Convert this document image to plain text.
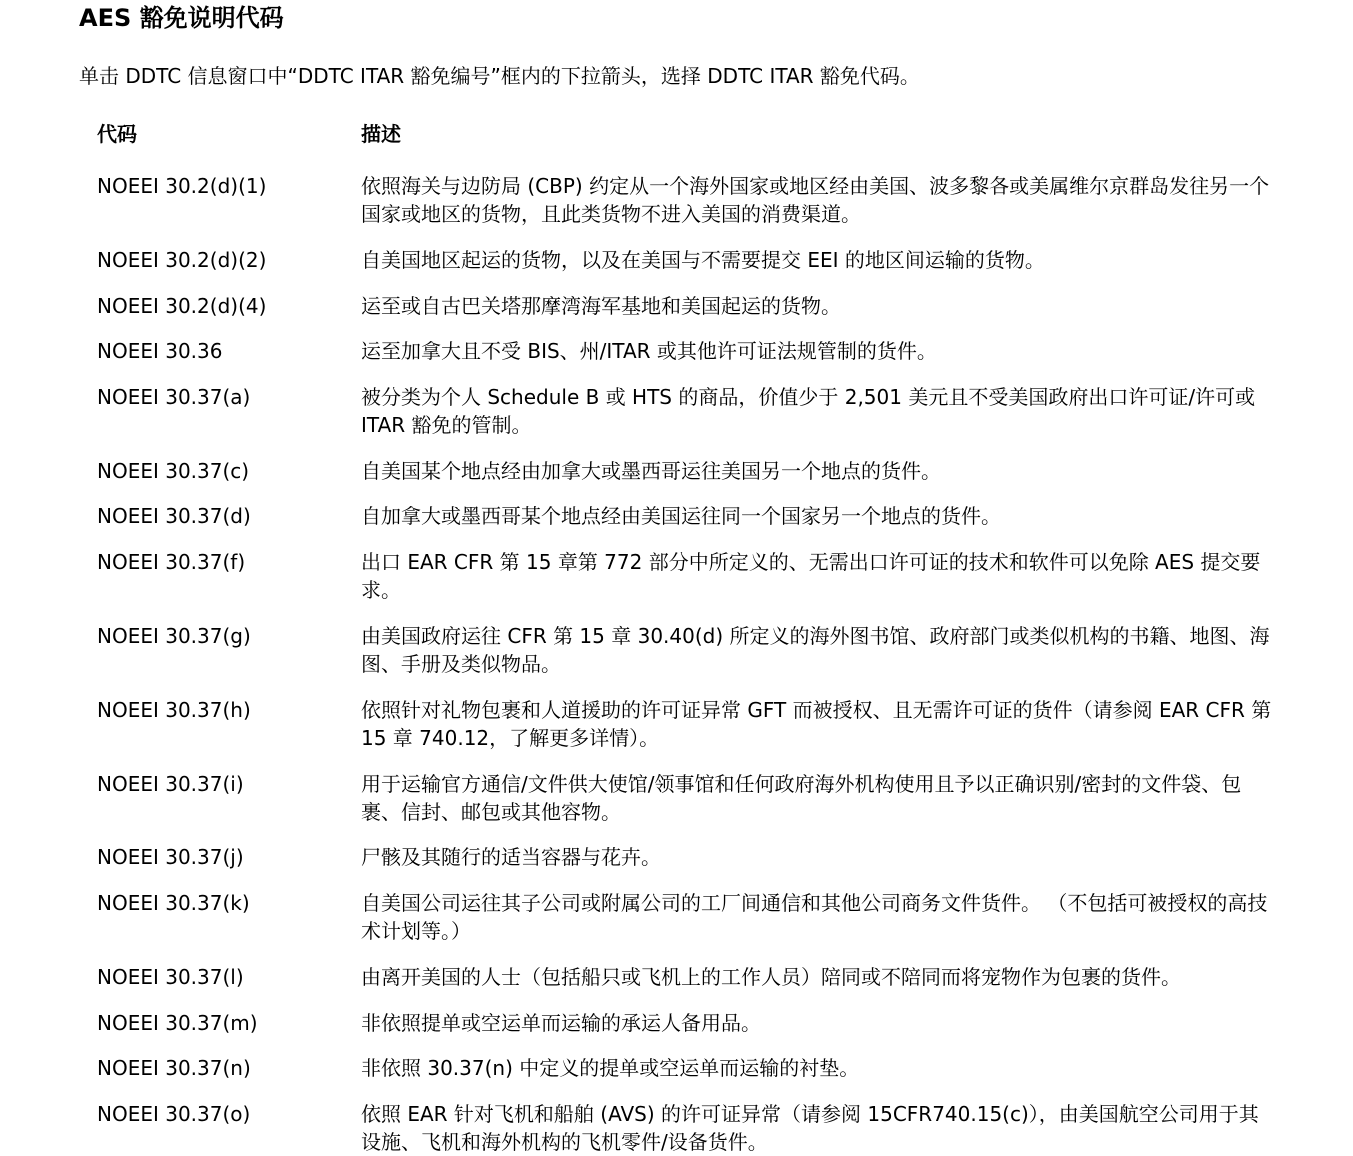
AES 豁免说明代码

单击 DDTC 信息窗口中“DDTC ITAR 豁免编号”框内的下拉箭头，选择 DDTC ITAR 豁免代码。

代码	描述
NOEEI 30.2(d)(1)	依照海关与边防局 (CBP) 约定从一个海外国家或地区经由美国、波多黎各或美属维尔京群岛发往另一个国家或地区的货物，且此类货物不进入美国的消费渠道。
NOEEI 30.2(d)(2)	自美国地区起运的货物，以及在美国与不需要提交 EEI 的地区间运输的货物。
NOEEI 30.2(d)(4)	运至或自古巴关塔那摩湾海军基地和美国起运的货物。
NOEEI 30.36	运至加拿大且不受 BIS、州/ITAR 或其他许可证法规管制的货件。
NOEEI 30.37(a)	被分类为个人 Schedule B 或 HTS 的商品，价值少于 2,501 美元且不受美国政府出口许可证/许可或 ITAR 豁免的管制。
NOEEI 30.37(c)	自美国某个地点经由加拿大或墨西哥运往美国另一个地点的货件。
NOEEI 30.37(d)	自加拿大或墨西哥某个地点经由美国运往同一个国家另一个地点的货件。
NOEEI 30.37(f)	出口 EAR CFR 第 15 章第 772 部分中所定义的、无需出口许可证的技术和软件可以免除 AES 提交要求。
NOEEI 30.37(g)	由美国政府运往 CFR 第 15 章 30.40(d) 所定义的海外图书馆、政府部门或类似机构的书籍、地图、海图、手册及类似物品。
NOEEI 30.37(h)	依照针对礼物包裹和人道援助的许可证异常 GFT 而被授权、且无需许可证的货件（请参阅 EAR CFR 第 15 章 740.12，了解更多详情）。
NOEEI 30.37(i)	用于运输官方通信/文件供大使馆/领事馆和任何政府海外机构使用且予以正确识别/密封的文件袋、包裹、信封、邮包或其他容物。
NOEEI 30.37(j)	尸骸及其随行的适当容器与花卉。
NOEEI 30.37(k)	自美国公司运往其子公司或附属公司的工厂间通信和其他公司商务文件货件。 （不包括可被授权的高技术计划等。）
NOEEI 30.37(l)	由离开美国的人士（包括船只或飞机上的工作人员）陪同或不陪同而将宠物作为包裹的货件。
NOEEI 30.37(m)	非依照提单或空运单而运输的承运人备用品。
NOEEI 30.37(n)	非依照 30.37(n) 中定义的提单或空运单而运输的衬垫。
NOEEI 30.37(o)	依照 EAR 针对飞机和船舶 (AVS) 的许可证异常（请参阅 15CFR740.15(c)），由美国航空公司用于其设施、飞机和海外机构的飞机零件/设备货件。
